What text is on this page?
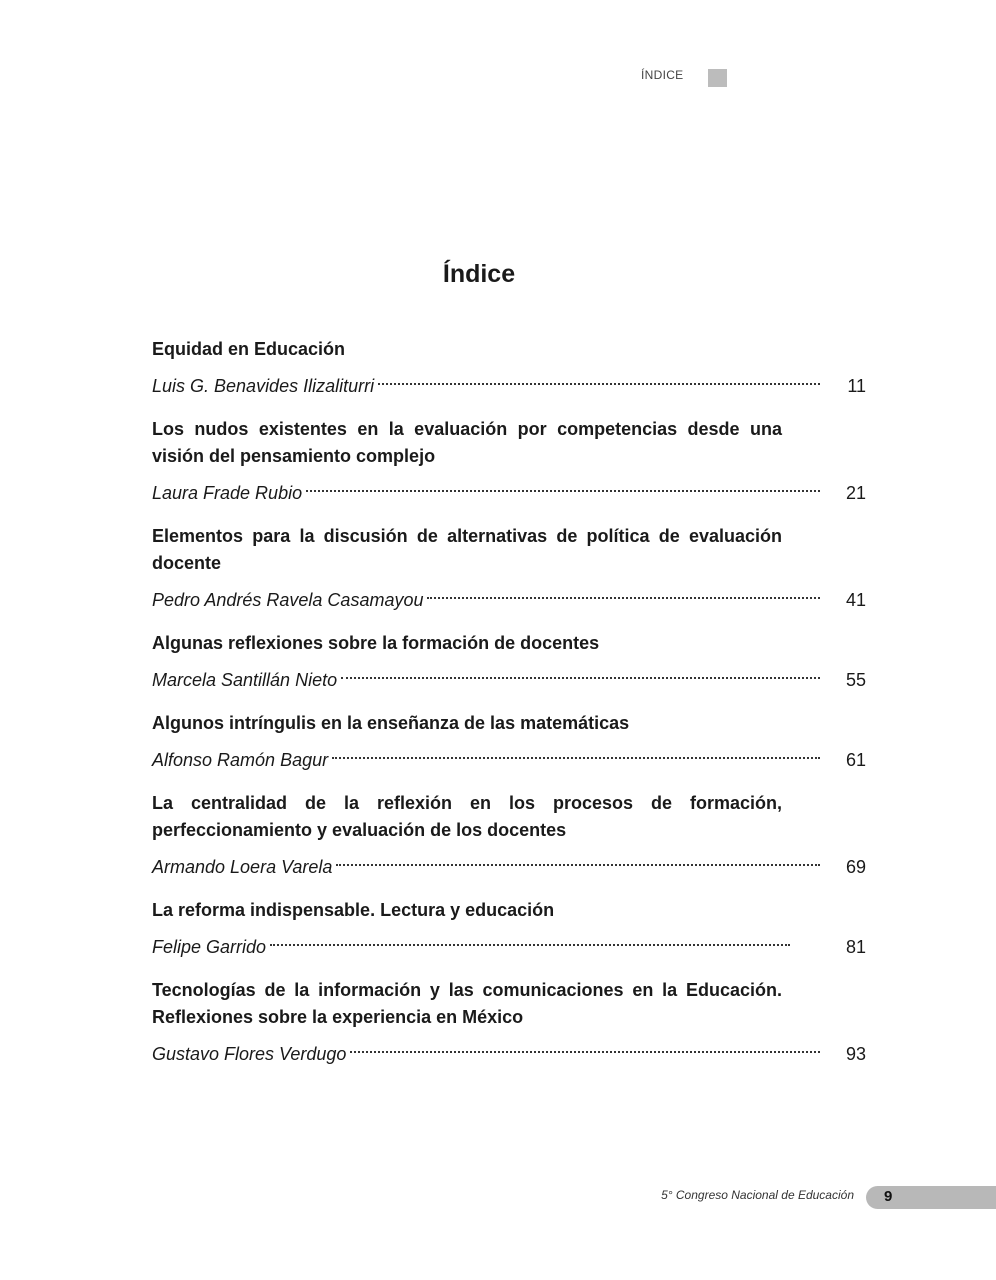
ÍNDICE
Índice
Equidad en Educación
Luis G. Benavides Ilizaliturri	11
Los nudos existentes en la evaluación por competencias desde una visión del pensamiento complejo
Laura Frade Rubio	21
Elementos para la discusión de alternativas de política de evaluación docente
Pedro Andrés Ravela Casamayou	41
Algunas reflexiones sobre la formación de docentes
Marcela Santillán Nieto	55
Algunos intríngulis en la enseñanza de las matemáticas
Alfonso Ramón Bagur	61
La centralidad de la reflexión en los procesos de formación, perfeccionamiento y evaluación de los docentes
Armando Loera Varela	69
La reforma indispensable. Lectura y educación
Felipe Garrido	81
Tecnologías de la información y las comunicaciones en la Educación. Reflexiones sobre la experiencia en México
Gustavo Flores Verdugo	93
5° Congreso Nacional de Educación 9
